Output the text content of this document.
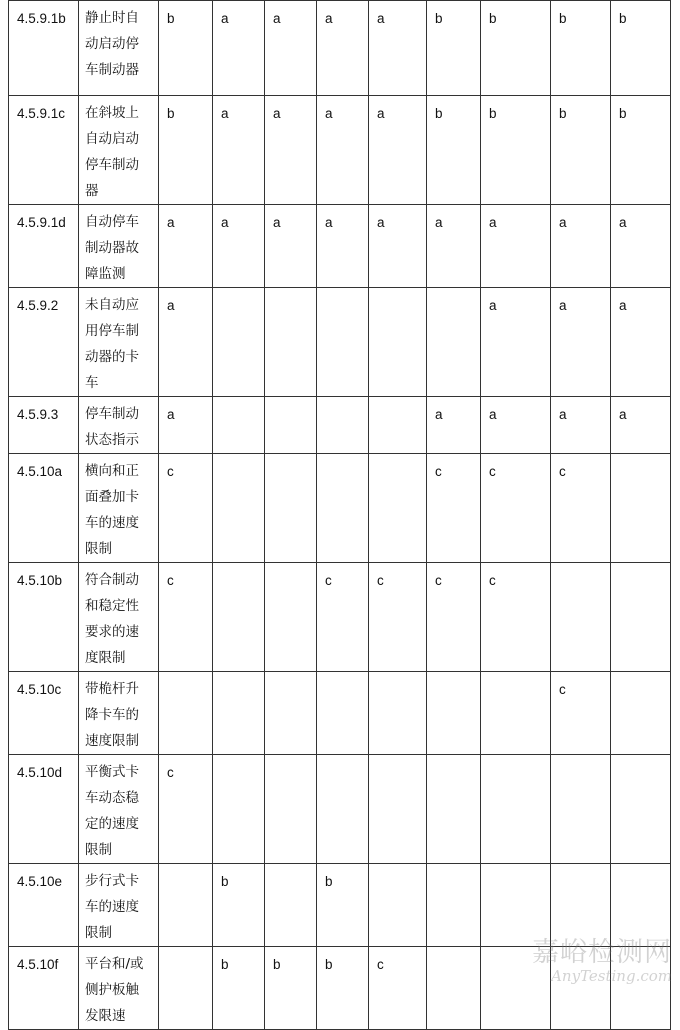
4.5.9.1b	静止时自
动启动停
车制动器	b	a	a	a	a	b	b	b	b
4.5.9.1c	在斜坡上
自动启动
停车制动
器	b	a	a	a	a	b	b	b	b
4.5.9.1d	自动停车
制动器故
障监测	a	a	a	a	a	a	a	a	a
4.5.9.2	未自动应
用停车制
动器的卡
车	a						a	a	a
4.5.9.3	停车制动
状态指示	a					a	a	a	a
4.5.10a	横向和正
面叠加卡
车的速度
限制	c					c	c	c	
4.5.10b	符合制动
和稳定性
要求的速
度限制	c			c	c	c	c		
4.5.10c	带桅杆升
降卡车的
速度限制								c	
4.5.10d	平衡式卡
车动态稳
定的速度
限制	c								
4.5.10e	步行式卡
车的速度
限制		b		b					
4.5.10f	平台和/或
侧护板触
发限速		b	b	b	c					嘉峪检测网
AnyTesting.com
